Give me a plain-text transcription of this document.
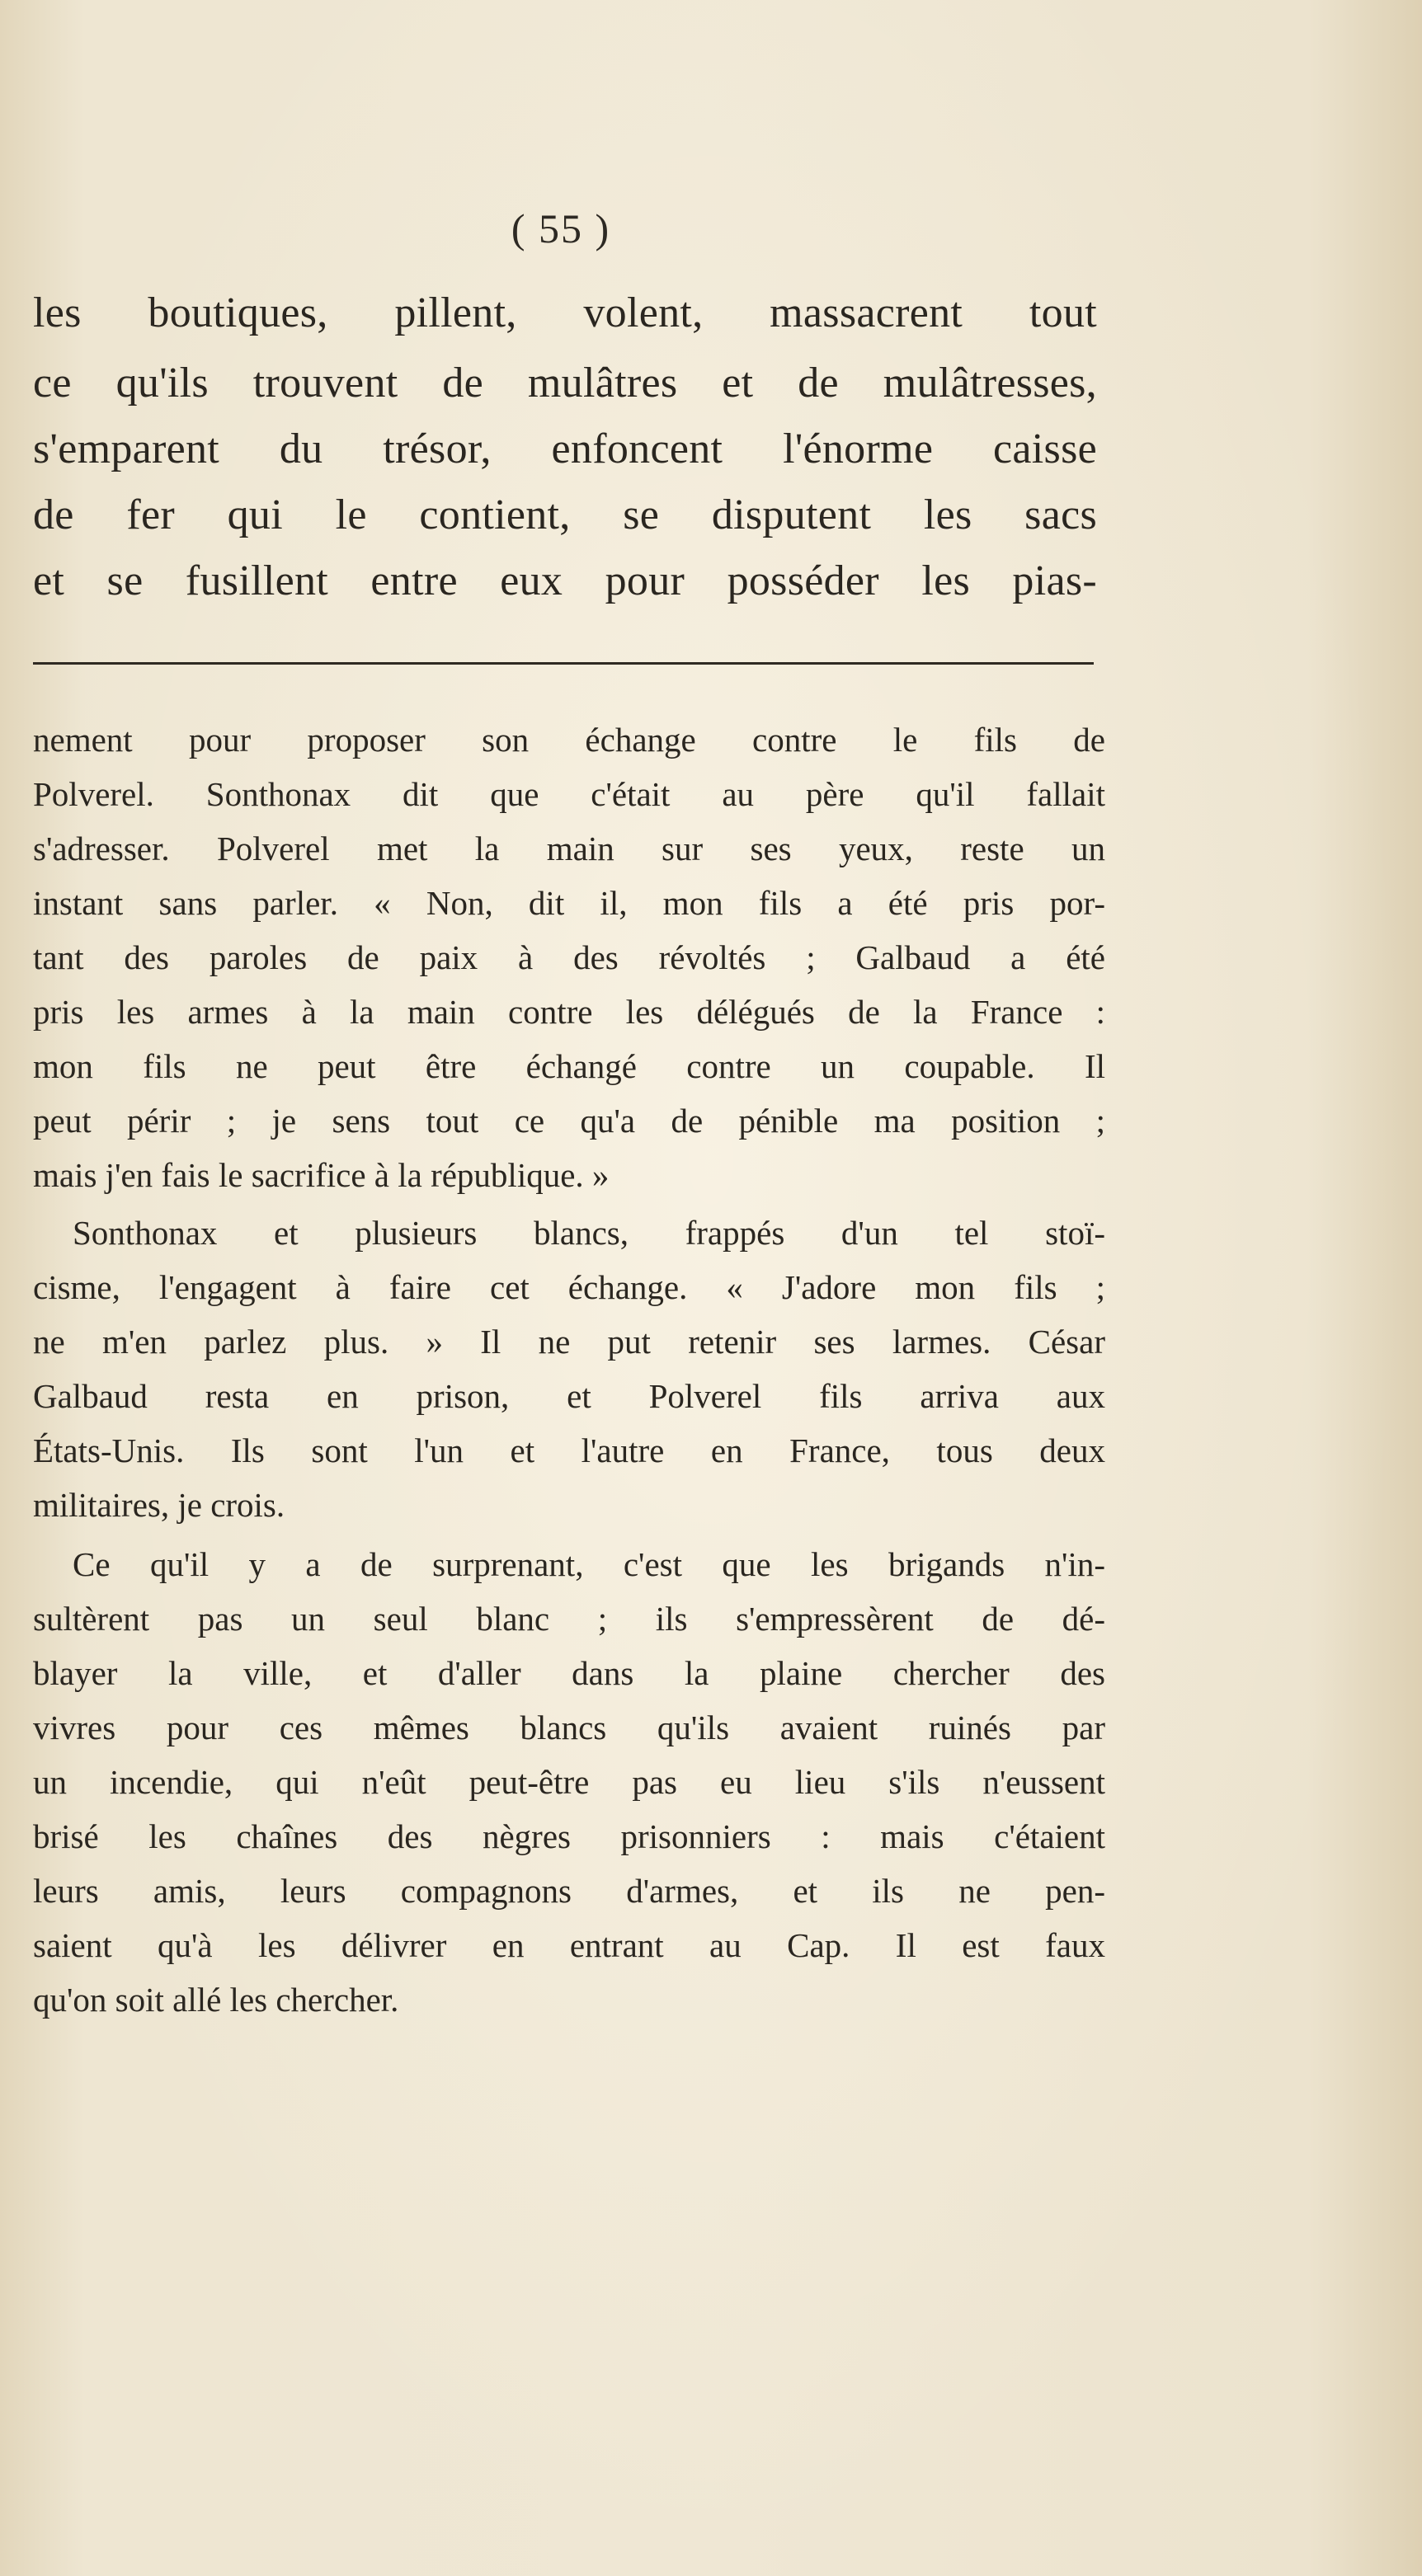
( 55 )

les boutiques, pillent, volent, massacrent tout

ce qu'ils trouvent de mulâtres et de mulâtresses,

s'emparent du trésor, enfoncent l'énorme caisse

de fer qui le contient, se disputent les sacs

et se fusillent entre eux pour posséder les pias-

nement pour proposer son échange contre le fils de

Polverel. Sonthonax dit que c'était au père qu'il fallait

s'adresser. Polverel met la main sur ses yeux, reste un

instant sans parler. « Non, dit il, mon fils a été pris por-

tant des paroles de paix à des révoltés ; Galbaud a été

pris les armes à la main contre les délégués de la France :

mon fils ne peut être échangé contre un coupable. Il

peut périr ; je sens tout ce qu'a de pénible ma position ;

mais j'en fais le sacrifice à la république. »

Sonthonax et plusieurs blancs, frappés d'un tel stoï-

cisme, l'engagent à faire cet échange. « J'adore mon fils ;

ne m'en parlez plus. » Il ne put retenir ses larmes. César

Galbaud resta en prison, et Polverel fils arriva aux

États-Unis. Ils sont l'un et l'autre en France, tous deux

militaires, je crois.

Ce qu'il y a de surprenant, c'est que les brigands n'in-

sultèrent pas un seul blanc ; ils s'empressèrent de dé-

blayer la ville, et d'aller dans la plaine chercher des

vivres pour ces mêmes blancs qu'ils avaient ruinés par

un incendie, qui n'eût peut-être pas eu lieu s'ils n'eussent

brisé les chaînes des nègres prisonniers : mais c'étaient

leurs amis, leurs compagnons d'armes, et ils ne pen-

saient qu'à les délivrer en entrant au Cap. Il est faux

qu'on soit allé les chercher.
